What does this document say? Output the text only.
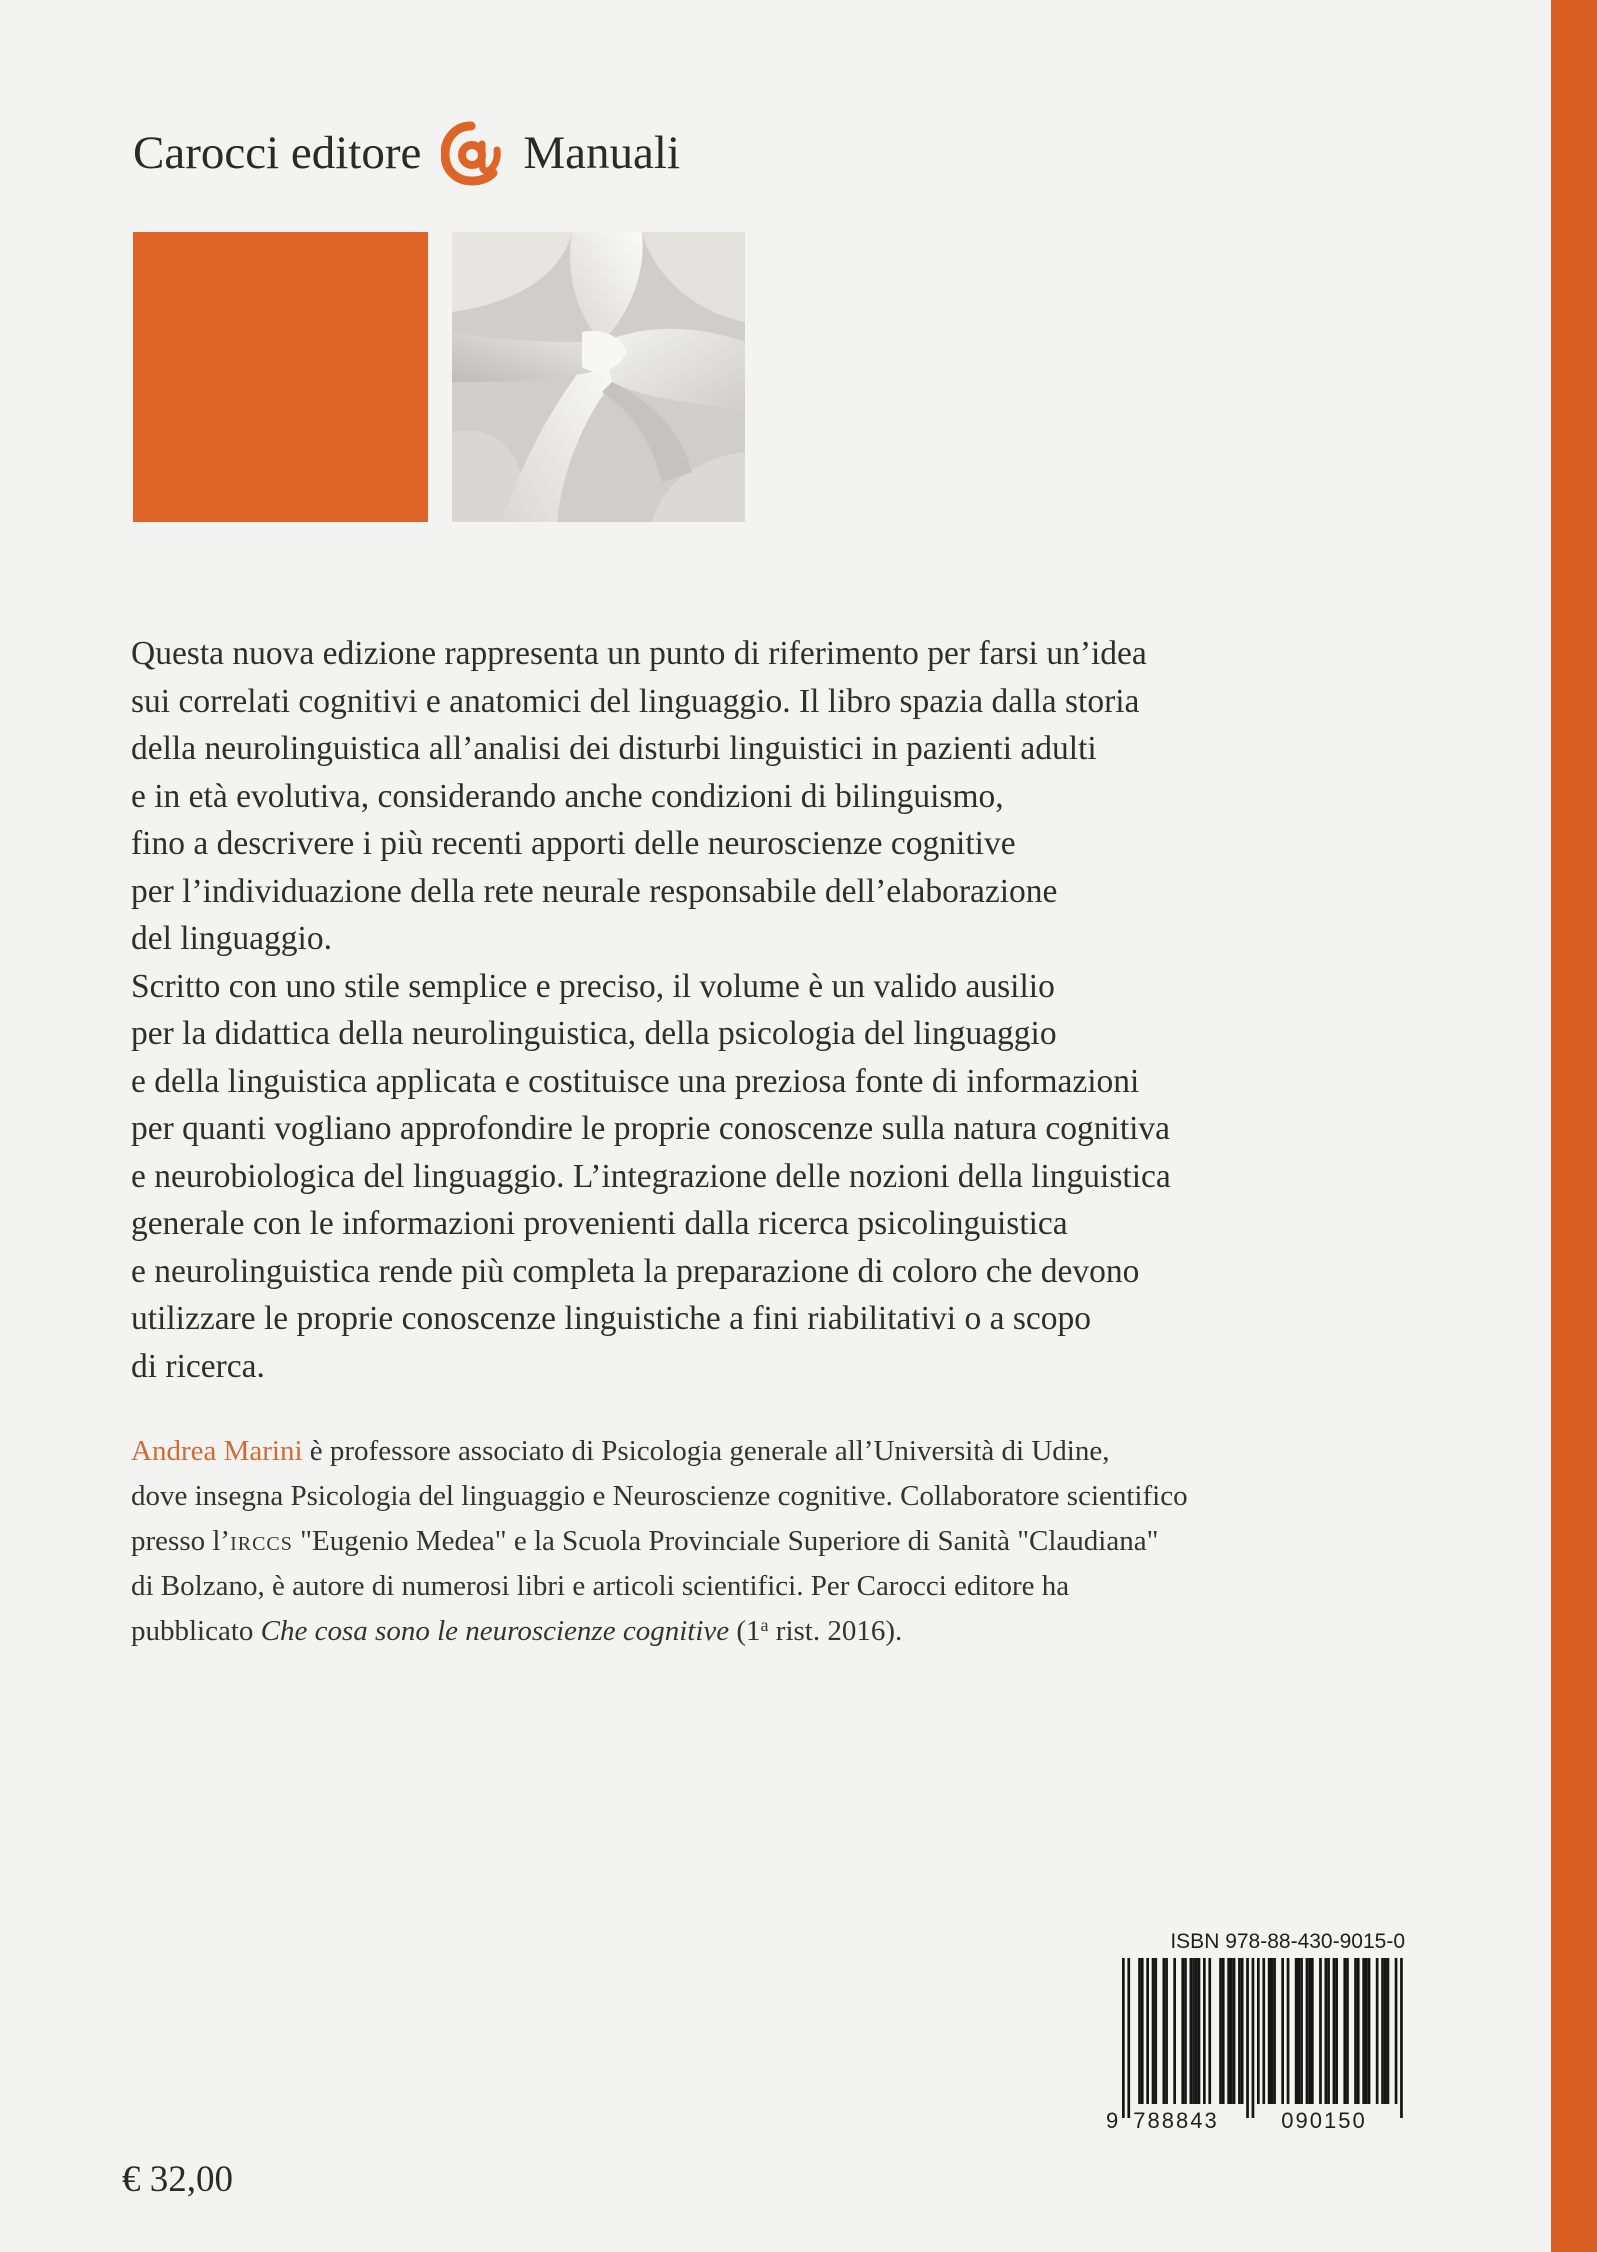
Carocci editore Manuali

Questa nuova edizione rappresenta un punto di riferimento per farsi un’idea

sui correlati cognitivi e anatomici del linguaggio. Il libro spazia dalla storia

della neurolinguistica all’analisi dei disturbi linguistici in pazienti adulti

e in età evolutiva, considerando anche condizioni di bilinguismo,

fino a descrivere i più recenti apporti delle neuroscienze cognitive

per l’individuazione della rete neurale responsabile dell’elaborazione

del linguaggio.

Scritto con uno stile semplice e preciso, il volume è un valido ausilio

per la didattica della neurolinguistica, della psicologia del linguaggio

e della linguistica applicata e costituisce una preziosa fonte di informazioni

per quanti vogliano approfondire le proprie conoscenze sulla natura cognitiva

e neurobiologica del linguaggio. L’integrazione delle nozioni della linguistica

generale con le informazioni provenienti dalla ricerca psicolinguistica

e neurolinguistica rende più completa la preparazione di coloro che devono

utilizzare le proprie conoscenze linguistiche a fini riabilitativi o a scopo

di ricerca.

Andrea Marini è professore associato di Psicologia generale all’Università di Udine,

dove insegna Psicologia del linguaggio e Neuroscienze cognitive. Collaboratore scientifico

presso l’irccs "Eugenio Medea" e la Scuola Provinciale Superiore di Sanità "Claudiana"

di Bolzano, è autore di numerosi libri e articoli scientifici. Per Carocci editore ha

pubblicato Che cosa sono le neuroscienze cognitive (1$^a$ rist. 2016).

€ 32,00
ISBN 978-88-430-9015-0
9 788843	090150
